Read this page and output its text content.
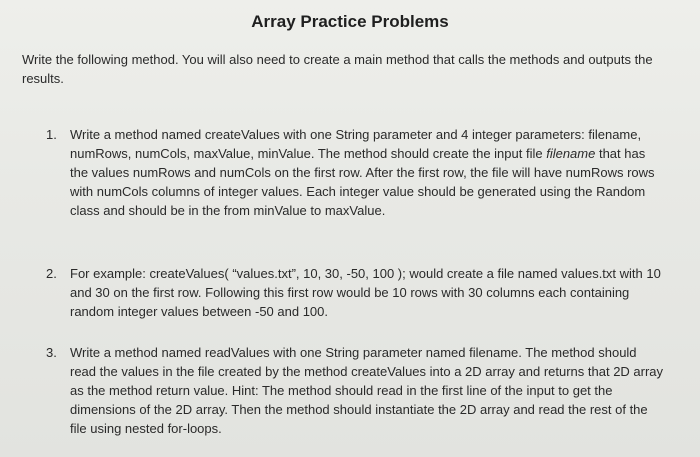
Array Practice Problems
Write the following method. You will also need to create a main method that calls the methods and outputs the results.
1.	Write a method named createValues with one String parameter and 4 integer parameters: filename, numRows, numCols, maxValue, minValue. The method should create the input file filename that has the values numRows and numCols on the first row. After the first row, the file will have numRows rows with numCols columns of integer values. Each integer value should be generated using the Random class and should be in the from minValue to maxValue.
2.	For example: createValues( “values.txt”, 10, 30, -50, 100 ); would create a file named values.txt with 10 and 30 on the first row. Following this first row would be 10 rows with 30 columns each containing random integer values between -50 and 100.
3.	Write a method named readValues with one String parameter named filename. The method should read the values in the file created by the method createValues into a 2D array and returns that 2D array as the method return value. Hint: The method should read in the first line of the input to get the dimensions of the 2D array. Then the method should instantiate the 2D array and read the rest of the file using nested for-loops.
